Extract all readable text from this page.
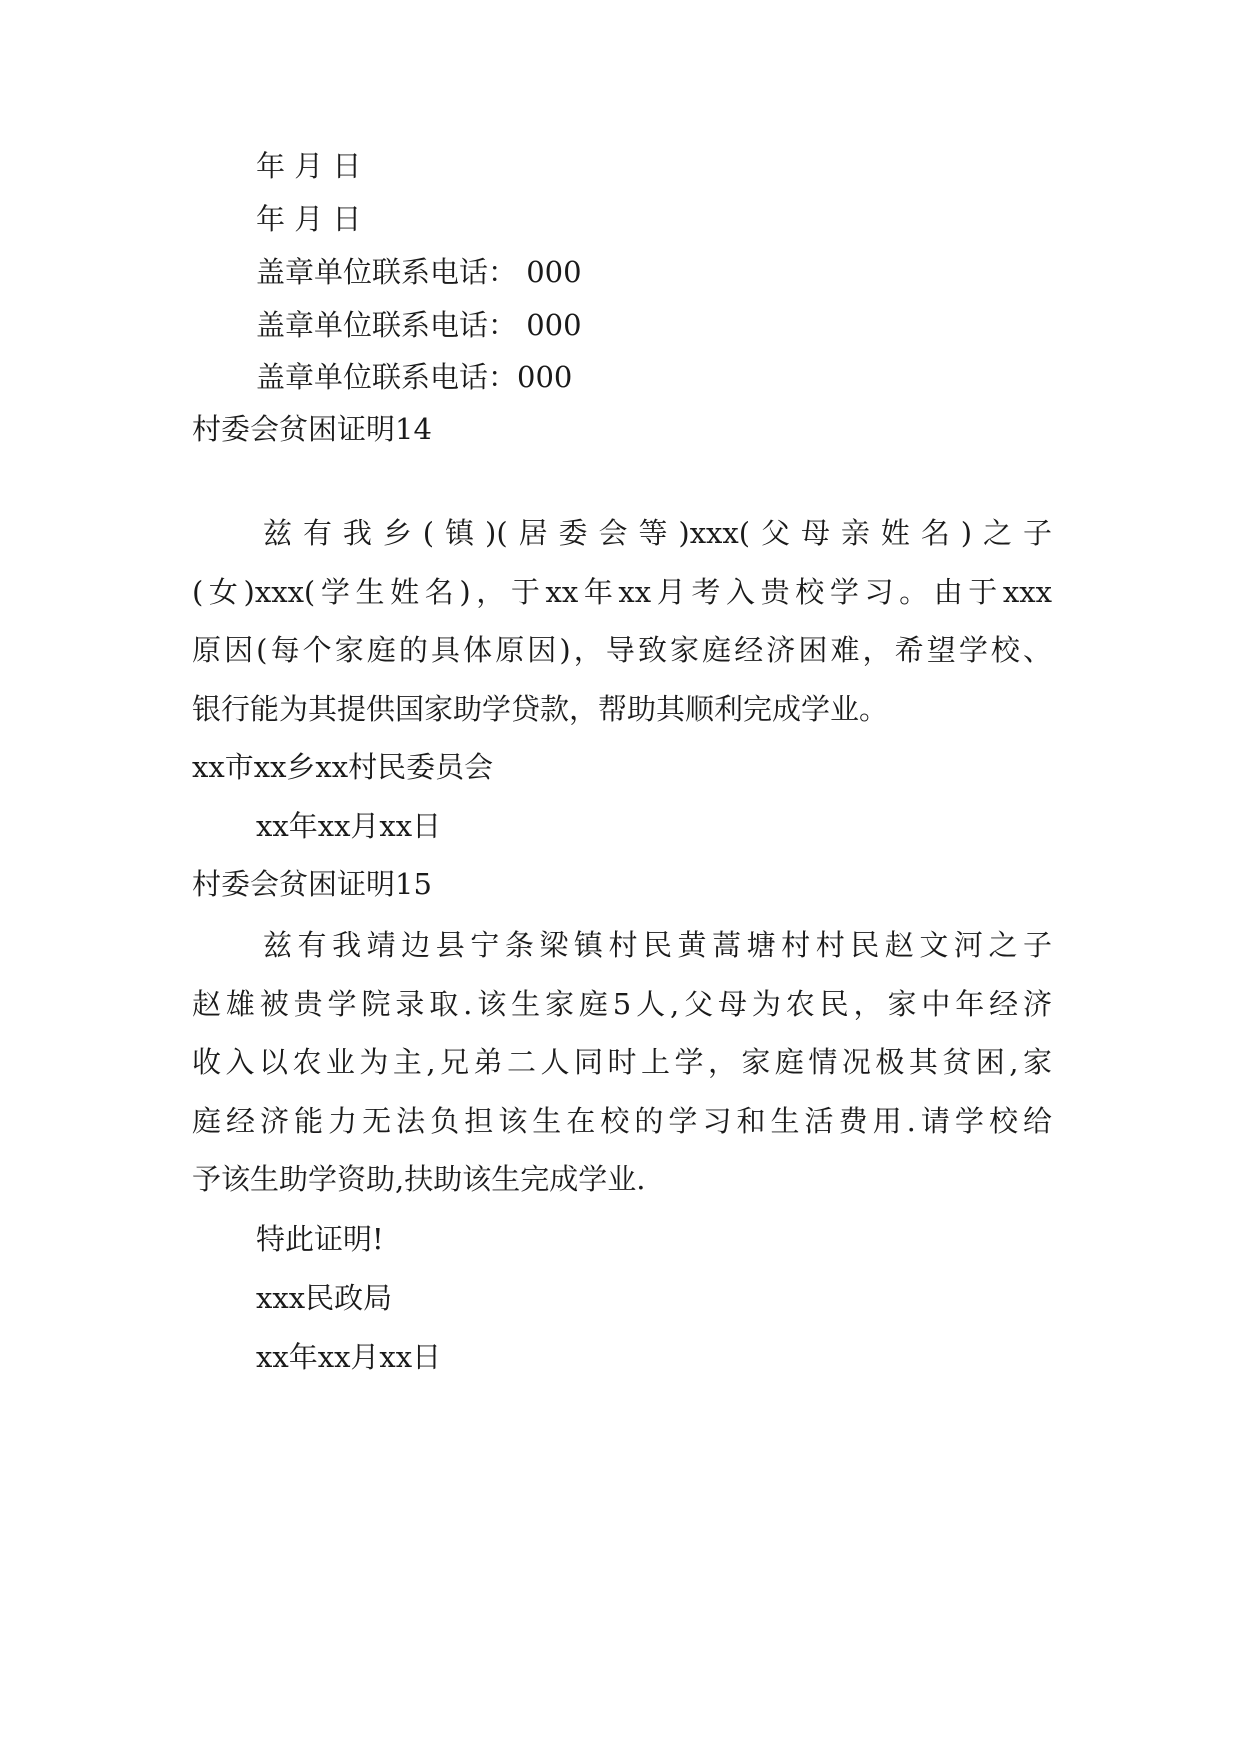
年 月 日
年 月 日
盖章单位联系电话： 000
盖章单位联系电话： 000
盖章单位联系电话：000
村委会贫困证明14
兹有我乡(镇)(居委会等)xxx(父母亲姓名)之子
(女)xxx(学生姓名)，于xx年xx月考入贵校学习。由于xxx
原因(每个家庭的具体原因)，导致家庭经济困难，希望学校、
银行能为其提供国家助学贷款，帮助其顺利完成学业。
xx市xx乡xx村民委员会
xx年xx月xx日
村委会贫困证明15
兹有我靖边县宁条梁镇村民黄蒿塘村村民赵文河之子
赵雄被贵学院录取.该生家庭5人,父母为农民，家中年经济
收入以农业为主,兄弟二人同时上学，家庭情况极其贫困,家
庭经济能力无法负担该生在校的学习和生活费用.请学校给
予该生助学资助,扶助该生完成学业.
特此证明!
xxx民政局
xx年xx月xx日
